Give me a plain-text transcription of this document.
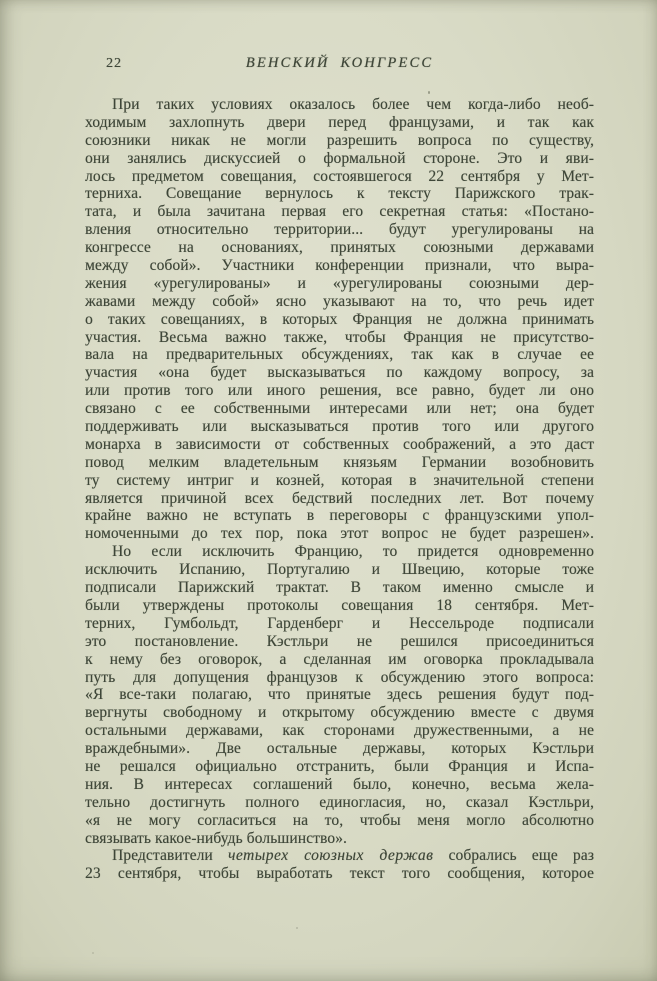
22	ВЕНСКИЙ КОНГРЕСС
При таких условиях оказалось более чем когда-либо необ-
ходимым захлопнуть двери перед французами, и так как
союзники никак не могли разрешить вопроса по существу,
они занялись дискуссией о формальной стороне. Это и яви-
лось предметом совещания, состоявшегося 22 сентября у Мет-
терниха. Совещание вернулось к тексту Парижского трак-
тата, и была зачитана первая его секретная статья: «Постано-
вления относительно территории... будут урегулированы на
конгрессе на основаниях, принятых союзными державами
между собой». Участники конференции признали, что выра-
жения «урегулированы» и «урегулированы союзными дер-
жавами между собой» ясно указывают на то, что речь идет
о таких совещаниях, в которых Франция не должна принимать
участия. Весьма важно также, чтобы Франция не присутство-
вала на предварительных обсуждениях, так как в случае ее
участия «она будет высказываться по каждому вопросу, за
или против того или иного решения, все равно, будет ли оно
связано с ее собственными интересами или нет; она будет
поддерживать или высказываться против того или другого
монарха в зависимости от собственных соображений, а это даст
повод мелким владетельным князьям Германии возобновить
ту систему интриг и козней, которая в значительной степени
является причиной всех бедствий последних лет. Вот почему
крайне важно не вступать в переговоры с французскими упол-
номоченными до тех пор, пока этот вопрос не будет разрешен».
Но если исключить Францию, то придется одновременно
исключить Испанию, Португалию и Швецию, которые тоже
подписали Парижский трактат. В таком именно смысле и
были утверждены протоколы совещания 18 сентября. Мет-
терних, Гумбольдт, Гарденберг и Нессельроде подписали
это постановление. Кэстльри не решился присоединиться
к нему без оговорок, а сделанная им оговорка прокладывала
путь для допущения французов к обсуждению этого вопроса:
«Я все-таки полагаю, что принятые здесь решения будут под-
вергнуты свободному и открытому обсуждению вместе с двумя
остальными державами, как сторонами дружественными, а не
враждебными». Две остальные державы, которых Кэстльри
не решался официально отстранить, были Франция и Испа-
ния. В интересах соглашений было, конечно, весьма жела-
тельно достигнуть полного единогласия, но, сказал Кэстльри,
«я не могу согласиться на то, чтобы меня могло абсолютно
связывать какое-нибудь большинство».
Представители четырех союзных держав собрались еще раз
23 сентября, чтобы выработать текст того сообщения, которое
